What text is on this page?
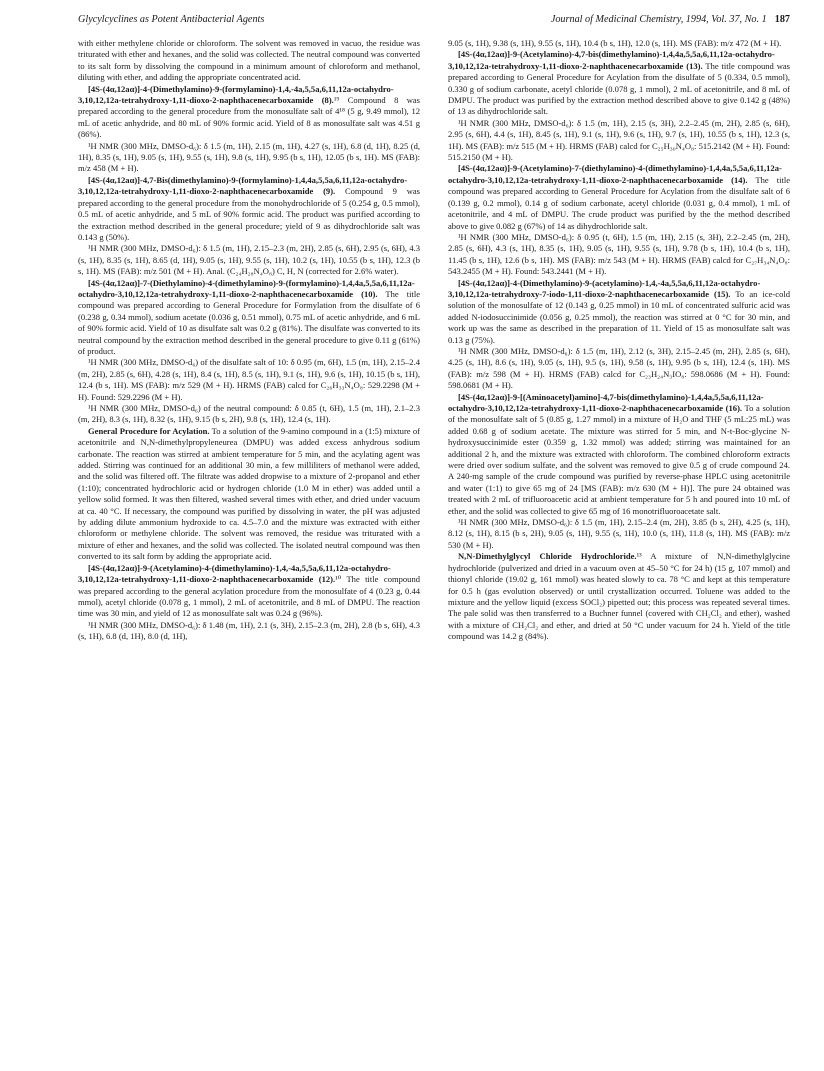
Glycylcyclines as Potent Antibacterial Agents	Journal of Medicinal Chemistry, 1994, Vol. 37, No. 1 187

with either methylene chloride or chloroform. The solvent was removed in vacuo, the residue was triturated with ether and hexanes, and the solid was collected. The neutral compound was converted to its salt form by dissolving the compound in a minimum amount of chloroform and methanol, diluting with ether, and adding the appropriate concentrated acid.

[4S-(4α,12aα)]-4-(Dimethylamino)-9-(formylamino)-1,4,-4a,5,5a,6,11,12a-octahydro-3,10,12,12a-tetrahydroxy-1,11-dioxo-2-naphthacenecarboxamide (8).¹⁹ Compound 8 was prepared according to the general procedure from the monosulfate salt of 4¹⁸ (5 g, 9.49 mmol), 12 mL of acetic anhydride, and 80 mL of 90% formic acid. Yield of 8 as monosulfate salt was 4.51 g (86%).

¹H NMR (300 MHz, DMSO-d₆): δ 1.5 (m, 1H), 2.15 (m, 1H), 4.27 (s, 1H), 6.8 (d, 1H), 8.25 (d, 1H), 8.35 (s, 1H), 9.05 (s, 1H), 9.55 (s, 1H), 9.8 (s, 1H), 9.95 (b s, 1H), 12.05 (b s, 1H). MS (FAB): m/z 458 (M + H).

[4S-(4α,12aα)]-4,7-Bis(dimethylamino)-9-(formylamino)-1,4,4a,5,5a,6,11,12a-octahydro-3,10,12,12a-tetrahydroxy-1,11-dioxo-2-naphthacenecarboxamide (9). Compound 9 was prepared according to the general procedure from the monohydrochloride of 5 (0.254 g, 0.5 mmol), 0.5 mL of acetic anhydride, and 5 mL of 90% formic acid. The product was purified according to the extraction method described in the general procedure; yield of 9 as dihydrochloride salt was 0.143 g (50%).

¹H NMR (300 MHz, DMSO-d₆): δ 1.5 (m, 1H), 2.15–2.3 (m, 2H), 2.85 (s, 6H), 2.95 (s, 6H), 4.3 (s, 1H), 8.35 (s, 1H), 8.65 (d, 1H), 9.05 (s, 1H), 9.55 (s, 1H), 10.2 (s, 1H), 10.55 (b s, 1H), 12.3 (b s, 1H). MS (FAB): m/z 501 (M + H). Anal. (C₂₄H₂₈N₄O₈) C, H, N (corrected for 2.6% water).

[4S-(4α,12aα)]-7-(Diethylamino)-4-(dimethylamino)-9-(formylamino)-1,4,4a,5,5a,6,11,12a-octahydro-3,10,12,12a-tetrahydroxy-1,11-dioxo-2-naphthacenecarboxamide (10). The title compound was prepared according to General Procedure for Formylation from the disulfate of 6 (0.238 g, 0.34 mmol), sodium acetate (0.036 g, 0.51 mmol), 0.75 mL of acetic anhydride, and 6 mL of 90% formic acid. Yield of 10 as disulfate salt was 0.2 g (81%). The disulfate was converted to its neutral compound by the extraction method described in the general procedure to give 0.11 g (61%) of product.

¹H NMR (300 MHz, DMSO-d₆) of the disulfate salt of 10: δ 0.95 (m, 6H), 1.5 (m, 1H), 2.15–2.4 (m, 2H), 2.85 (s, 6H), 4.28 (s, 1H), 8.4 (s, 1H), 8.5 (s, 1H), 9.1 (s, 1H), 9.6 (s, 1H), 10.15 (b s, 1H), 12.4 (b s, 1H). MS (FAB): m/z 529 (M + H). HRMS (FAB) calcd for C₂₆H₃₃N₄O₈: 529.2298 (M + H). Found: 529.2296 (M + H).

¹H NMR (300 MHz, DMSO-d₆) of the neutral compound: δ 0.85 (t, 6H), 1.5 (m, 1H), 2.1–2.3 (m, 2H), 8.3 (s, 1H), 8.32 (s, 1H), 9.15 (b s, 2H), 9.8 (s, 1H), 12.4 (s, 1H).

General Procedure for Acylation. To a solution of the 9-amino compound in a (1:5) mixture of acetonitrile and N,N-dimethylpropyleneurea (DMPU) was added excess anhydrous sodium carbonate. The reaction was stirred at ambient temperature for 5 min, and the acylating agent was added. Stirring was continued for an additional 30 min, a few milliliters of methanol were added, and the solid was filtered off. The filtrate was added dropwise to a mixture of 2-propanol and ether (1:10); concentrated hydrochloric acid or hydrogen chloride (1.0 M in ether) was added until a yellow solid formed. It was then filtered, washed several times with ether, and dried under vacuum at ca. 40 °C. If necessary, the compound was purified by dissolving in water, the pH was adjusted by adding dilute ammonium hydroxide to ca. 4.5–7.0 and the mixture was extracted with either chloroform or methylene chloride. The solvent was removed, the residue was triturated with a mixture of ether and hexanes, and the solid was collected. The isolated neutral compound was then converted to its salt form by adding the appropriate acid.

[4S-(4α,12aα)]-9-(Acetylamino)-4-(dimethylamino)-1,4,-4a,5,5a,6,11,12a-octahydro-3,10,12,12a-tetrahydroxy-1,11-dioxo-2-naphthacenecarboxamide (12).¹⁰ The title compound was prepared according to the general acylation procedure from the monosulfate of 4 (0.23 g, 0.44 mmol), acetyl chloride (0.078 g, 1 mmol), 2 mL of acetonitrile, and 8 mL of DMPU. The reaction time was 30 min, and yield of 12 as monosulfate salt was 0.24 g (96%).

¹H NMR (300 MHz, DMSO-d₆): δ 1.48 (m, 1H), 2.1 (s, 3H), 2.15–2.3 (m, 2H), 2.8 (b s, 6H), 4.3 (s, 1H), 6.8 (d, 1H), 8.0 (d, 1H),

9.05 (s, 1H), 9.38 (s, 1H), 9.55 (s, 1H), 10.4 (b s, 1H), 12.0 (s, 1H). MS (FAB): m/z 472 (M + H).

[4S-(4α,12aα)]-9-(Acetylamino)-4,7-bis(dimethylamino)-1,4,4a,5,5a,6,11,12a-octahydro-3,10,12,12a-tetrahydroxy-1,11-dioxo-2-naphthacenecarboxamide (13). The title compound was prepared according to General Procedure for Acylation from the disulfate of 5 (0.334, 0.5 mmol), 0.330 g of sodium carbonate, acetyl chloride (0.078 g, 1 mmol), 2 mL of acetonitrile, and 8 mL of DMPU. The product was purified by the extraction method described above to give 0.142 g (48%) of 13 as dihydrochloride salt.

¹H NMR (300 MHz, DMSO-d₆): δ 1.5 (m, 1H), 2.15 (s, 3H), 2.2–2.45 (m, 2H), 2.85 (s, 6H), 2.95 (s, 6H), 4.4 (s, 1H), 8.45 (s, 1H), 9.1 (s, 1H), 9.6 (s, 1H), 9.7 (s, 1H), 10.55 (b s, 1H), 12.3 (s, 1H). MS (FAB): m/z 515 (M + H). HRMS (FAB) calcd for C₂₅H₃₀N₄O₈: 515.2142 (M + H). Found: 515.2150 (M + H).

[4S-(4α,12aα)]-9-(Acetylamino)-7-(diethylamino)-4-(dimethylamino)-1,4,4a,5,5a,6,11,12a-octahydro-3,10,12,12a-tetrahydroxy-1,11-dioxo-2-naphthacenecarboxamide (14). The title compound was prepared according to General Procedure for Acylation from the disulfate salt of 6 (0.139 g, 0.2 mmol), 0.14 g of sodium carbonate, acetyl chloride (0.031 g, 0.4 mmol), 1 mL of acetonitrile, and 4 mL of DMPU. The crude product was purified by the the method described above to give 0.082 g (67%) of 14 as dihydrochloride salt.

¹H NMR (300 MHz, DMSO-d₆): δ 0.95 (t, 6H), 1.5 (m, 1H), 2.15 (s, 3H), 2.2–2.45 (m, 2H), 2.85 (s, 6H), 4.3 (s, 1H), 8.35 (s, 1H), 9.05 (s, 1H), 9.55 (s, 1H), 9.78 (b s, 1H), 10.4 (b s, 1H), 11.45 (b s, 1H), 12.6 (b s, 1H). MS (FAB): m/z 543 (M + H). HRMS (FAB) calcd for C₂₇H₃₄N₄O₈: 543.2455 (M + H). Found: 543.2441 (M + H).

[4S-(4α,12aα)]-4-(Dimethylamino)-9-(acetylamino)-1,4,-4a,5,5a,6,11,12a-octahydro-3,10,12,12a-tetrahydroxy-7-iodo-1,11-dioxo-2-naphthacenecarboxamide (15). To an ice-cold solution of the monosulfate of 12 (0.143 g, 0.25 mmol) in 10 mL of concentrated sulfuric acid was added N-iodosuccinimide (0.056 g, 0.25 mmol), the reaction was stirred at 0 °C for 30 min, and work up was the same as described in the preparation of 11. Yield of 15 as monosulfate salt was 0.13 g (75%).

¹H NMR (300 MHz, DMSO-d₆): δ 1.5 (m, 1H), 2.12 (s, 3H), 2.15–2.45 (m, 2H), 2.85 (s, 6H), 4.25 (s, 1H), 8.6 (s, 1H), 9.05 (s, 1H), 9.5 (s, 1H), 9.58 (s, 1H), 9.95 (b s, 1H), 12.4 (s, 1H). MS (FAB): m/z 598 (M + H). HRMS (FAB) calcd for C₂₃H₂₄N₃IO₈: 598.0686 (M + H). Found: 598.0681 (M + H).

[4S-(4α,12aα)]-9-[(Aminoacetyl)amino]-4,7-bis(dimethylamino)-1,4,4a,5,5a,6,11,12a-octahydro-3,10,12,12a-tetrahydroxy-1,11-dioxo-2-naphthacenecarboxamide (16). To a solution of the monosulfate salt of 5 (0.85 g, 1.27 mmol) in a mixture of H₂O and THF (5 mL:25 mL) was added 0.68 g of sodium acetate. The mixture was stirred for 5 min, and N-t-Boc-glycine N-hydroxysuccinimide ester (0.359 g, 1.32 mmol) was added; stirring was maintained for an additional 2 h, and the mixture was extracted with chloroform. The combined chloroform extracts were dried over sodium sulfate, and the solvent was removed to give 0.5 g of crude compound 24. A 240-mg sample of the crude compound was purified by reverse-phase HPLC using acetonitrile and water (1:1) to give 65 mg of 24 [MS (FAB): m/z 630 (M + H)]. The pure 24 obtained was treated with 2 mL of trifluoroacetic acid at ambient temperature for 5 h and poured into 10 mL of ether, and the solid was collected to give 65 mg of 16 monotrifluoroacetate salt.

¹H NMR (300 MHz, DMSO-d₆): δ 1.5 (m, 1H), 2.15–2.4 (m, 2H), 3.85 (b s, 2H), 4.25 (s, 1H), 8.12 (s, 1H), 8.15 (b s, 2H), 9.05 (s, 1H), 9.55 (s, 1H), 10.0 (s, 1H), 11.8 (s, 1H). MS (FAB): m/z 530 (M + H).

N,N-Dimethylglycyl Chloride Hydrochloride.¹³ A mixture of N,N-dimethylglycine hydrochloride (pulverized and dried in a vacuum oven at 45–50 °C for 24 h) (15 g, 107 mmol) and thionyl chloride (19.02 g, 161 mmol) was heated slowly to ca. 78 °C and kept at this temperature for 0.5 h (gas evolution observed) or until crystallization occurred. Toluene was added to the mixture and the yellow liquid (excess SOCl₂) pipetted out; this process was repeated several times. The pale solid was then transferred to a Buchner funnel (covered with CH₂Cl₂ and ether), washed with a mixture of CH₂Cl₂ and ether, and dried at 50 °C under vacuum for 24 h. Yield of the title compound was 14.2 g (84%).
